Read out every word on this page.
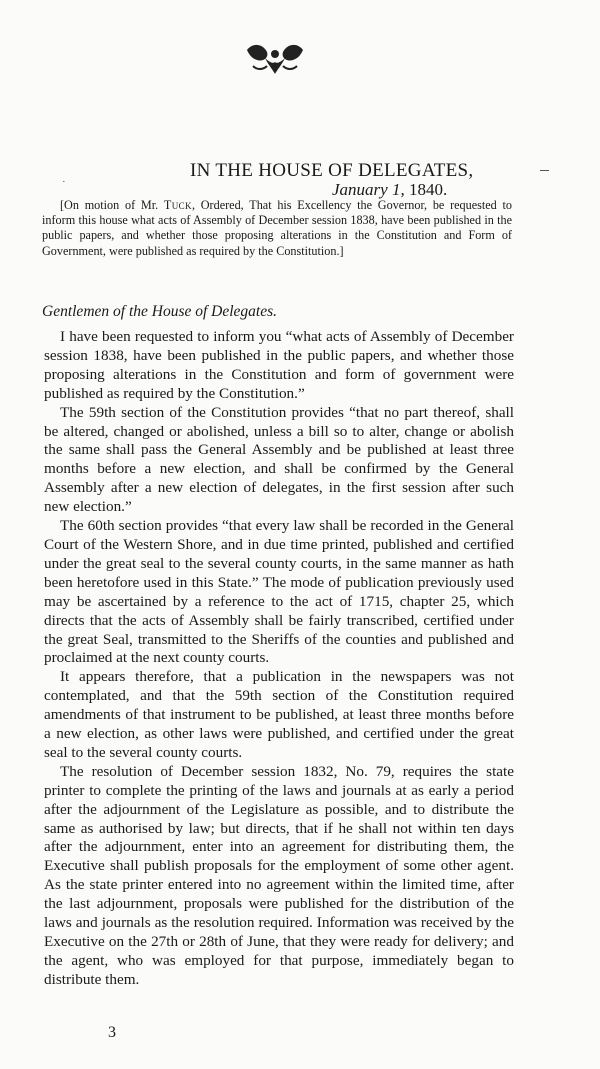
·
IN THE HOUSE OF DELEGATES,
January 1, 1840.
[On motion of Mr. Tuck, Ordered, That his Excellency the Governor, be requested to inform this house what acts of Assembly of December session 1838, have been published in the public papers, and whether those proposing alterations in the Constitution and Form of Government, were published as required by the Constitution.]
Gentlemen of the House of Delegates.

I have been requested to inform you “what acts of Assembly of December session 1838, have been published in the public papers, and whether those proposing alterations in the Constitution and form of government were published as required by the Constitution.”

The 59th section of the Constitution provides “that no part thereof, shall be altered, changed or abolished, unless a bill so to alter, change or abolish the same shall pass the General Assembly and be published at least three months before a new election, and shall be confirmed by the General Assembly after a new election of delegates, in the first session after such new election.”

The 60th section provides “that every law shall be recorded in the General Court of the Western Shore, and in due time printed, published and certified under the great seal to the several county courts, in the same manner as hath been heretofore used in this State.” The mode of publication previously used may be ascertained by a reference to the act of 1715, chapter 25, which directs that the acts of Assembly shall be fairly transcribed, certified under the great Seal, transmitted to the Sheriffs of the counties and published and proclaimed at the next county courts.

It appears therefore, that a publication in the newspapers was not contemplated, and that the 59th section of the Constitution required amendments of that instrument to be published, at least three months before a new election, as other laws were published, and certified under the great seal to the several county courts.

The resolution of December session 1832, No. 79, requires the state printer to complete the printing of the laws and journals at as early a period after the adjournment of the Legislature as possible, and to distribute the same as authorised by law; but directs, that if he shall not within ten days after the adjournment, enter into an agreement for distributing them, the Executive shall publish proposals for the employment of some other agent. As the state printer entered into no agreement within the limited time, after the last adjournment, proposals were published for the distribution of the laws and journals as the resolution required. Information was received by the Executive on the 27th or 28th of June, that they were ready for delivery; and the agent, who was employed for that purpose, immediately began to distribute them.

3
